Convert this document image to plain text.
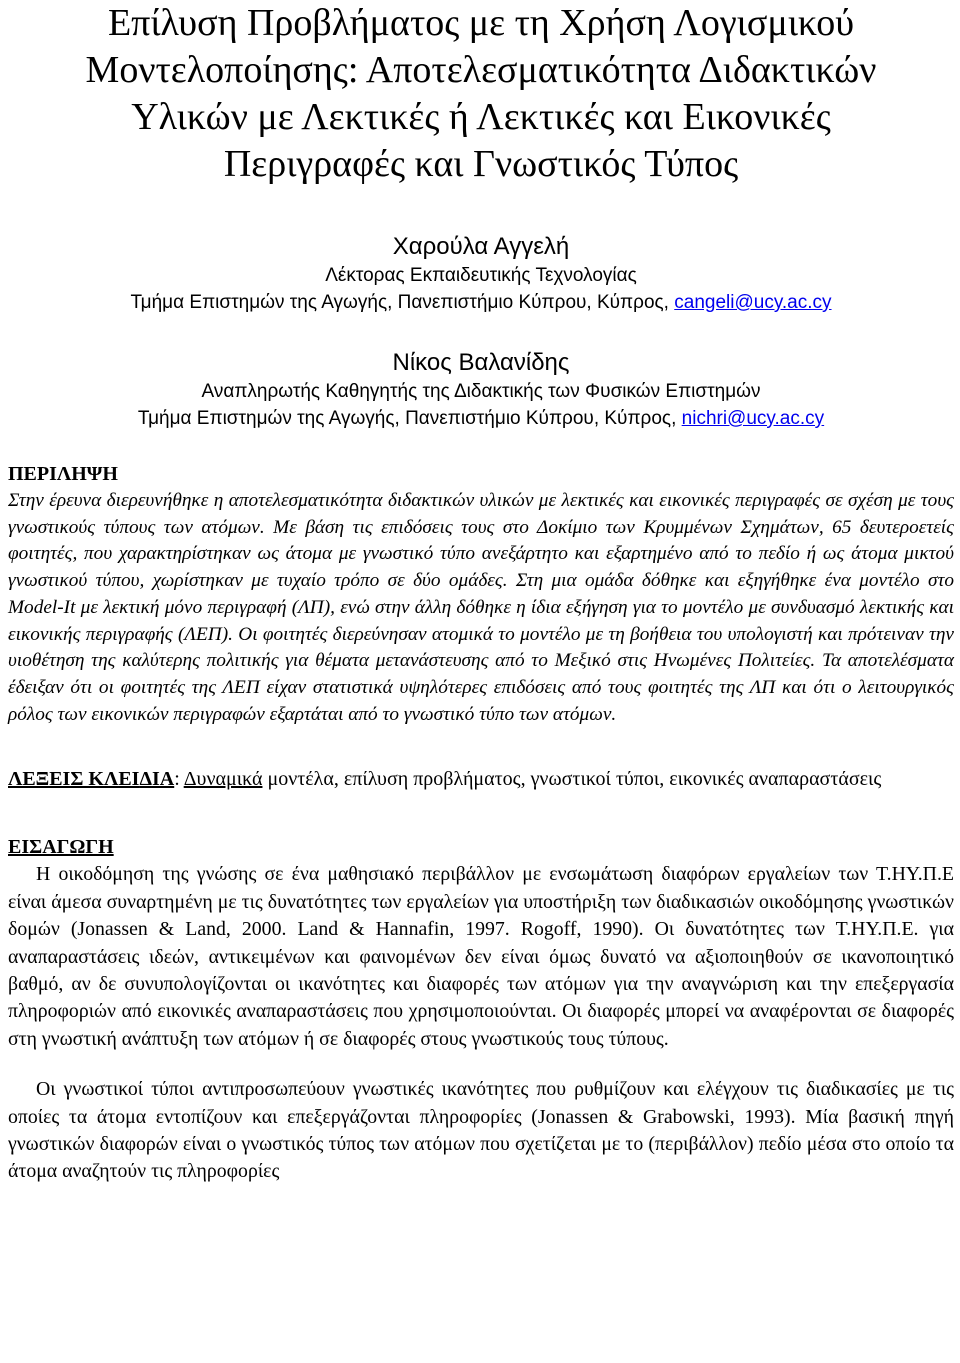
Επίλυση Προβλήματος με τη Χρήση Λογισμικού
Μοντελοποίησης: Αποτελεσματικότητα Διδακτικών
Υλικών με Λεκτικές ή Λεκτικές και Εικονικές
Περιγραφές και Γνωστικός Τύπος
Χαρούλα Αγγελή
Λέκτορας Εκπαιδευτικής Τεχνολογίας
Τμήμα Επιστημών της Αγωγής, Πανεπιστήμιο Κύπρου, Κύπρος, cangeli@ucy.ac.cy
Νίκος Βαλανίδης
Αναπληρωτής Καθηγητής της Διδακτικής των Φυσικών Επιστημών
Τμήμα Επιστημών της Αγωγής, Πανεπιστήμιο Κύπρου, Κύπρος, nichri@ucy.ac.cy
ΠΕΡΙΛΗΨΗ

Στην έρευνα διερευνήθηκε η αποτελεσματικότητα διδακτικών υλικών με λεκτικές και εικονικές περιγραφές σε σχέση με τους γνωστικούς τύπους των ατόμων. Με βάση τις επιδόσεις τους στο Δοκίμιο των Κρυμμένων Σχημάτων, 65 δευτεροετείς φοιτητές, που χαρακτηρίστηκαν ως άτομα με γνωστικό τύπο ανεξάρτητο και εξαρτημένο από το πεδίο ή ως άτομα μικτού γνωστικού τύπου, χωρίστηκαν με τυχαίο τρόπο σε δύο ομάδες. Στη μια ομάδα δόθηκε και εξηγήθηκε ένα μοντέλο στο Model-It με λεκτική μόνο περιγραφή (ΛΠ), ενώ στην άλλη δόθηκε η ίδια εξήγηση για το μοντέλο με συνδυασμό λεκτικής και εικονικής περιγραφής (ΛΕΠ). Οι φοιτητές διερεύνησαν ατομικά το μοντέλο με τη βοήθεια του υπολογιστή και πρότειναν την υιοθέτηση της καλύτερης πολιτικής για θέματα μετανάστευσης από το Μεξικό στις Ηνωμένες Πολιτείες. Τα αποτελέσματα έδειξαν ότι οι φοιτητές της ΛΕΠ είχαν στατιστικά υψηλότερες επιδόσεις από τους φοιτητές της ΛΠ και ότι ο λειτουργικός ρόλος των εικονικών περιγραφών εξαρτάται από το γνωστικό τύπο των ατόμων.

ΛΕΞΕΙΣ ΚΛΕΙΔΙΑ: Δυναμικά μοντέλα, επίλυση προβλήματος, γνωστικοί τύποι, εικονικές αναπαραστάσεις

ΕΙΣΑΓΩΓΗ

Η οικοδόμηση της γνώσης σε ένα μαθησιακό περιβάλλον με ενσωμάτωση διαφόρων εργαλείων των Τ.ΗΥ.Π.Ε είναι άμεσα συναρτημένη με τις δυνατότητες των εργαλείων για υποστήριξη των διαδικασιών οικοδόμησης γνωστικών δομών (Jonassen & Land, 2000. Land & Hannafin, 1997. Rogoff, 1990). Οι δυνατότητες των Τ.ΗΥ.Π.Ε. για αναπαραστάσεις ιδεών, αντικειμένων και φαινομένων δεν είναι όμως δυνατό να αξιοποιηθούν σε ικανοποιητικό βαθμό, αν δε συνυπολογίζονται οι ικανότητες και διαφορές των ατόμων για την αναγνώριση και την επεξεργασία πληροφοριών από εικονικές αναπαραστάσεις που χρησιμοποιούνται. Οι διαφορές μπορεί να αναφέρονται σε διαφορές στη γνωστική ανάπτυξη των ατόμων ή σε διαφορές στους γνωστικούς τους τύπους.

Οι γνωστικοί τύποι αντιπροσωπεύουν γνωστικές ικανότητες που ρυθμίζουν και ελέγχουν τις διαδικασίες με τις οποίες τα άτομα εντοπίζουν και επεξεργάζονται πληροφορίες (Jonassen & Grabowski, 1993). Μία βασική πηγή γνωστικών διαφορών είναι ο γνωστικός τύπος των ατόμων που σχετίζεται με το (περιβάλλον) πεδίο μέσα στο οποίο τα άτομα αναζητούν τις πληροφορίες
